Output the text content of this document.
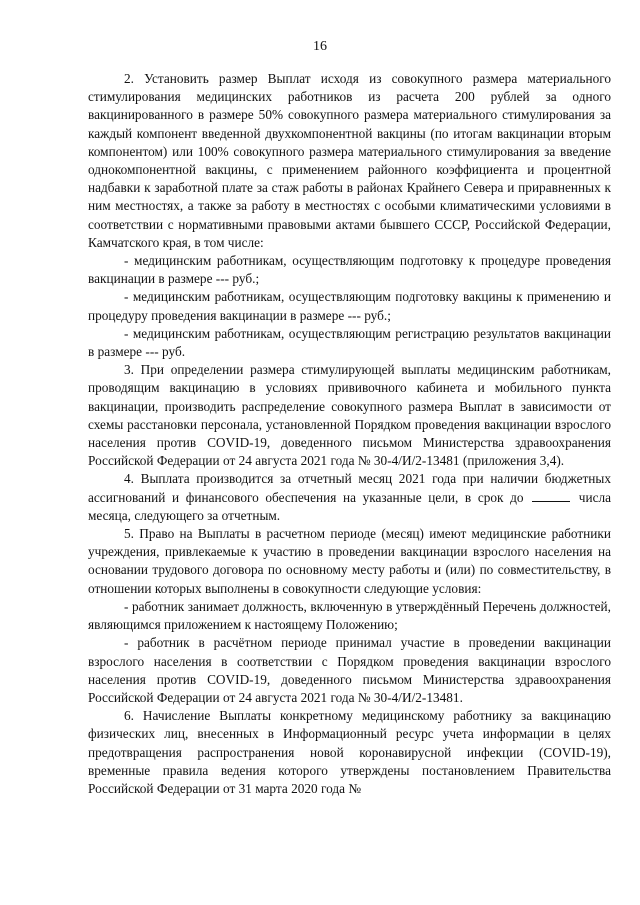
16

2. Установить размер Выплат исходя из совокупного размера материального стимулирования медицинских работников из расчета 200 рублей за одного вакцинированного в размере 50% совокупного размера материального стимулирования за каждый компонент введенной двухкомпонентной вакцины (по итогам вакцинации вторым компонентом) или 100% совокупного размера материального стимулирования за введение однокомпонентной вакцины, с применением районного коэффициента и процентной надбавки к заработной плате за стаж работы в районах Крайнего Севера и приравненных к ним местностях, а также за работу в местностях с особыми климатическими условиями в соответствии с нормативными правовыми актами бывшего СССР, Российской Федерации, Камчатского края, в том числе:

- медицинским работникам, осуществляющим подготовку к процедуре проведения вакцинации в размере --- руб.;

- медицинским работникам, осуществляющим подготовку вакцины к применению и процедуру проведения вакцинации в размере --- руб.;

- медицинским работникам, осуществляющим регистрацию результатов вакцинации в размере --- руб.

3. При определении размера стимулирующей выплаты медицинским работникам, проводящим вакцинацию в условиях прививочного кабинета и мобильного пункта вакцинации, производить распределение совокупного размера Выплат в зависимости от схемы расстановки персонала, установленной Порядком проведения вакцинации взрослого населения против COVID-19, доведенного письмом Министерства здравоохранения Российской Федерации от 24 августа 2021 года № 30-4/И/2-13481 (приложения 3,4).

4. Выплата производится за отчетный месяц 2021 года при наличии бюджетных ассигнований и финансового обеспечения на указанные цели, в срок до	числа месяца, следующего за отчетным.

5. Право на Выплаты в расчетном периоде (месяц) имеют медицинские работники учреждения, привлекаемые к участию в проведении вакцинации взрослого населения на основании трудового договора по основному месту работы и (или) по совместительству, в отношении которых выполнены в совокупности следующие условия:

- работник занимает должность, включенную в утверждённый Перечень должностей, являющимся приложением к настоящему Положению;

- работник в расчётном периоде принимал участие в проведении вакцинации взрослого населения в соответствии с Порядком проведения вакцинации взрослого населения против COVID-19, доведенного письмом Министерства здравоохранения Российской Федерации от 24 августа 2021 года № 30-4/И/2-13481.

6. Начисление Выплаты конкретному медицинскому работнику за вакцинацию физических лиц, внесенных в Информационный ресурс учета информации в целях предотвращения распространения новой коронавирусной инфекции (COVID-19), временные правила ведения которого утверждены постановлением Правительства Российской Федерации от 31 марта 2020 года №
